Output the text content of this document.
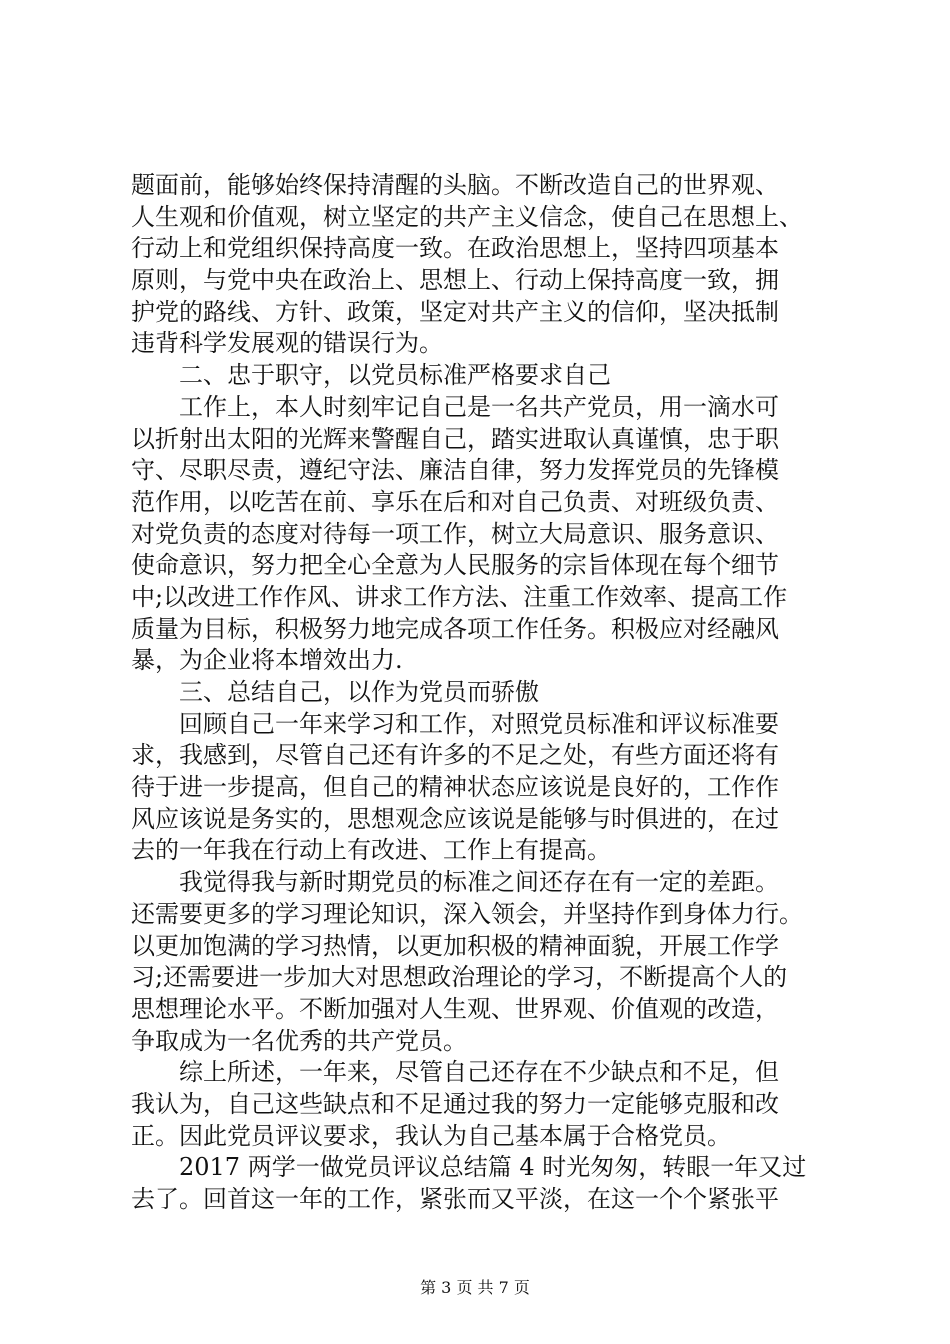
题面前，能够始终保持清醒的头脑。不断改造自己的世界观、
人生观和价值观，树立坚定的共产主义信念，使自己在思想上、
行动上和党组织保持高度一致。在政治思想上，坚持四项基本
原则，与党中央在政治上、思想上、行动上保持高度一致，拥
护党的路线、方针、政策，坚定对共产主义的信仰，坚决抵制
违背科学发展观的错误行为。
　　二、忠于职守，以党员标准严格要求自己
　　工作上，本人时刻牢记自己是一名共产党员，用一滴水可
以折射出太阳的光辉来警醒自己，踏实进取认真谨慎，忠于职
守、尽职尽责，遵纪守法、廉洁自律，努力发挥党员的先锋模
范作用，以吃苦在前、享乐在后和对自己负责、对班级负责、
对党负责的态度对待每一项工作，树立大局意识、服务意识、
使命意识，努力把全心全意为人民服务的宗旨体现在每个细节
中;以改进工作作风、讲求工作方法、注重工作效率、提高工作
质量为目标，积极努力地完成各项工作任务。积极应对经融风
暴，为企业将本增效出力.
　　三、总结自己，以作为党员而骄傲
　　回顾自己一年来学习和工作，对照党员标准和评议标准要
求，我感到，尽管自己还有许多的不足之处，有些方面还将有
待于进一步提高，但自己的精神状态应该说是良好的，工作作
风应该说是务实的，思想观念应该说是能够与时俱进的，在过
去的一年我在行动上有改进、工作上有提高。
　　我觉得我与新时期党员的标准之间还存在有一定的差距。
还需要更多的学习理论知识，深入领会，并坚持作到身体力行。
以更加饱满的学习热情，以更加积极的精神面貌，开展工作学
习;还需要进一步加大对思想政治理论的学习，不断提高个人的
思想理论水平。不断加强对人生观、世界观、价值观的改造，
争取成为一名优秀的共产党员。
　　综上所述，一年来，尽管自己还存在不少缺点和不足，但
我认为，自己这些缺点和不足通过我的努力一定能够克服和改
正。因此党员评议要求，我认为自己基本属于合格党员。
　　2017 两学一做党员评议总结篇 4 时光匆匆，转眼一年又过
去了。回首这一年的工作，紧张而又平淡，在这一个个紧张平
第 3 页 共 7 页
